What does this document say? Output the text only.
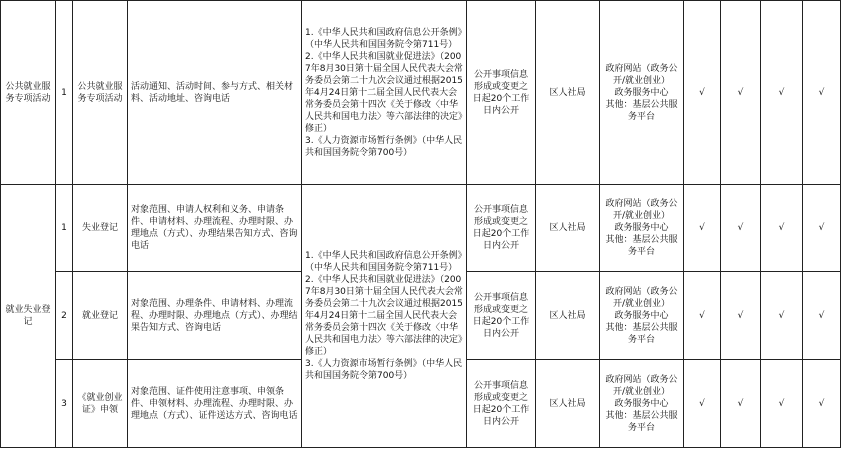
公共就业服务专项活动	1	公共就业服务专项活动	活动通知、活动时间、参与方式、相关材料、活动地址、咨询电话	1.《中华人民共和国政府信息公开条例》（中华人民共和国国务院令第711号）
2.《中华人民共和国就业促进法》（2007年8月30日第十届全国人民代表大会常务委员会第二十九次会议通过根据2015年4月24日第十二届全国人民代表大会常务委员会第十四次《关于修改〈中华人民共和国电力法〉等六部法律的决定》修正）
3.《人力资源市场暂行条例》（中华人民共和国国务院令第700号）	公开事项信息形成或变更之日起20个工作日内公开	区人社局	政府网站（政务公开/就业创业）
政务服务中心
其他：基层公共服务平台	√	√	√	√
就业失业登记	1	失业登记	对象范围、申请人权利和义务、申请条件、申请材料、办理流程、办理时限、办理地点（方式）、办理结果告知方式、咨询电话	1.《中华人民共和国政府信息公开条例》（中华人民共和国国务院令第711号）
2.《中华人民共和国就业促进法》（2007年8月30日第十届全国人民代表大会常务委员会第二十九次会议通过根据2015年4月24日第十二届全国人民代表大会常务委员会第十四次《关于修改〈中华人民共和国电力法〉等六部法律的决定》修正）
3.《人力资源市场暂行条例》（中华人民共和国国务院令第700号）	公开事项信息形成或变更之日起20个工作日内公开	区人社局	政府网站（政务公开/就业创业）
政务服务中心
其他：基层公共服务平台	√	√	√	√
	2	就业登记	对象范围、办理条件、申请材料、办理流程、办理时限、办理地点（方式）、办理结果告知方式、咨询电话		公开事项信息形成或变更之日起20个工作日内公开	区人社局	政府网站（政务公开/就业创业）
政务服务中心
其他：基层公共服务平台	√	√	√	√
	3	《就业创业证》申领	对象范围、证件使用注意事项、申领条件、申领材料、办理流程、办理时限、办理地点（方式）、证件送达方式、咨询电话		公开事项信息形成或变更之日起20个工作日内公开	区人社局	政府网站（政务公开/就业创业）
政务服务中心
其他：基层公共服务平台	√	√	√	√
